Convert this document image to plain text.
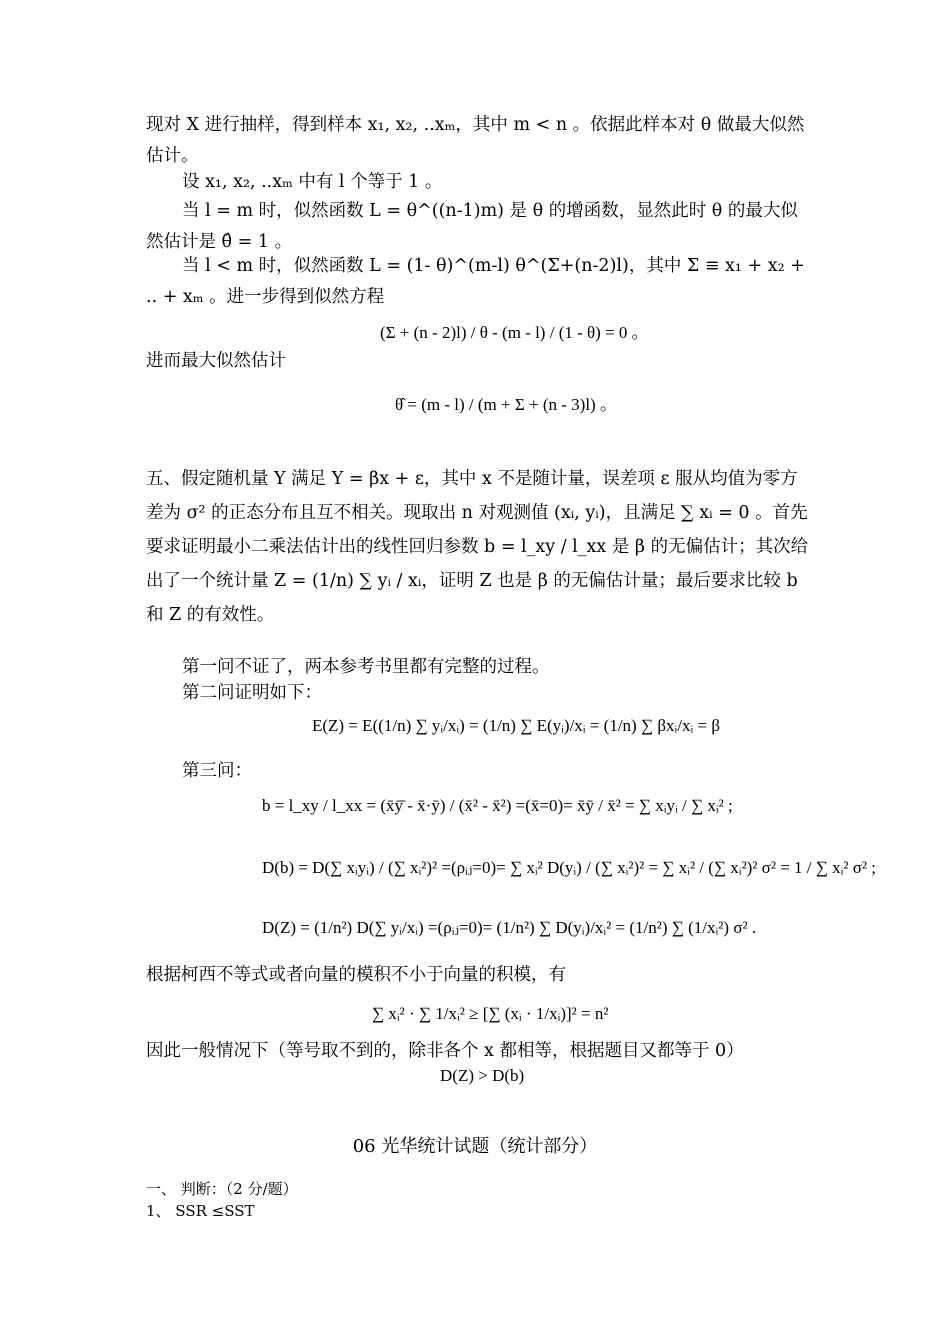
现对 X 进行抽样，得到样本 x₁, x₂, ..xₘ，其中 m < n 。依据此样本对 θ 做最大似然估计。

设 x₁, x₂, ..xₘ 中有 l 个等于 1 。

当 l = m 时，似然函数 L = θ^((n-1)m) 是 θ 的增函数，显然此时 θ 的最大似然估计是 θ̂ = 1 。

当 l < m 时，似然函数 L = (1- θ)^(m-l) θ^(Σ+(n-2)l)，其中 Σ ≡ x₁ + x₂ + .. + xₘ 。进一步得到似然方程

(Σ + (n - 2)l) / θ - (m - l) / (1 - θ) = 0 。

进而最大似然估计

θ̂ = (m - l) / (m + Σ + (n - 3)l) 。

五、假定随机量 Y 满足 Y = βx + ε，其中 x 不是随计量，误差项 ε 服从均值为零方差为 σ² 的正态分布且互不相关。现取出 n 对观测值 (xᵢ, yᵢ)，且满足 ∑ xᵢ = 0 。首先要求证明最小二乘法估计出的线性回归参数 b = l_xy / l_xx 是 β 的无偏估计；其次给出了一个统计量 Z = (1/n) ∑ yᵢ / xᵢ，证明 Z 也是 β 的无偏估计量；最后要求比较 b 和 Z 的有效性。

第一问不证了，两本参考书里都有完整的过程。

第二问证明如下：

E(Z) = E((1/n) ∑ yᵢ/xᵢ) = (1/n) ∑ E(yᵢ)/xᵢ = (1/n) ∑ βxᵢ/xᵢ = β

第三问：

b = l_xy / l_xx = (x̄ȳ̄ - x̄·ȳ) / (x̄² - x̄²) =(x̄=0)= x̄ȳ / x̄² = ∑ xᵢyᵢ / ∑ xᵢ² ;
D(b) = D(∑ xᵢyᵢ) / (∑ xᵢ²)² =(ρᵢⱼ=0)= ∑ xᵢ² D(yᵢ) / (∑ xᵢ²)² = ∑ xᵢ² / (∑ xᵢ²)² σ² = 1 / ∑ xᵢ² σ² ;
D(Z) = (1/n²) D(∑ yᵢ/xᵢ) =(ρᵢⱼ=0)= (1/n²) ∑ D(yᵢ)/xᵢ² = (1/n²) ∑ (1/xᵢ²) σ² .

根据柯西不等式或者向量的模积不小于向量的积模，有

∑ xᵢ² · ∑ 1/xᵢ² ≥ [∑ (xᵢ · 1/xᵢ)]² = n²

因此一般情况下（等号取不到的，除非各个 x 都相等，根据题目又都等于 0）

D(Z) > D(b)
06 光华统计试题（统计部分）
一、 判断：（2 分/题）
1、 SSR ≤SST
